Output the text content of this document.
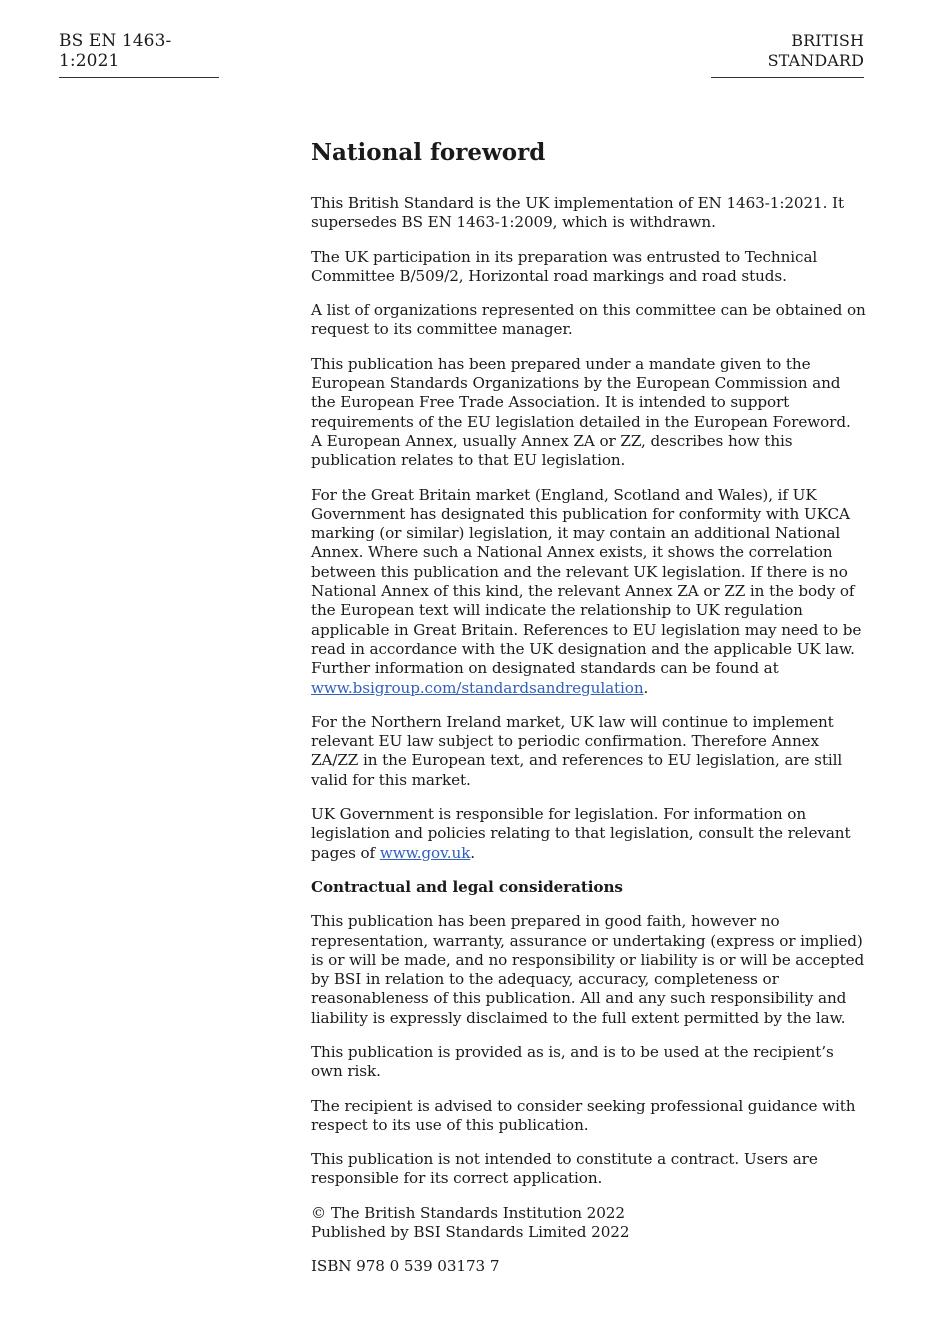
BS EN 1463-1:2021
BRITISH STANDARD
National foreword

This British Standard is the UK implementation of EN 1463-1:2021. It supersedes BS EN 1463-1:2009, which is withdrawn.

The UK participation in its preparation was entrusted to Technical Committee B/509/2, Horizontal road markings and road studs.

A list of organizations represented on this committee can be obtained on request to its committee manager.

This publication has been prepared under a mandate given to the European Standards Organizations by the European Commission and the European Free Trade Association. It is intended to support requirements of the EU legislation detailed in the European Foreword. A European Annex, usually Annex ZA or ZZ, describes how this publication relates to that EU legislation.

For the Great Britain market (England, Scotland and Wales), if UK Government has designated this publication for conformity with UKCA marking (or similar) legislation, it may contain an additional National Annex. Where such a National Annex exists, it shows the correlation between this publication and the relevant UK legislation. If there is no National Annex of this kind, the relevant Annex ZA or ZZ in the body of the European text will indicate the relationship to UK regulation applicable in Great Britain. References to EU legislation may need to be read in accordance with the UK designation and the applicable UK law. Further information on designated standards can be found at www.bsigroup.com/standardsandregulation.

For the Northern Ireland market, UK law will continue to implement relevant EU law subject to periodic confirmation. Therefore Annex ZA/ZZ in the European text, and references to EU legislation, are still valid for this market.

UK Government is responsible for legislation. For information on legislation and policies relating to that legislation, consult the relevant pages of www.gov.uk.

Contractual and legal considerations

This publication has been prepared in good faith, however no representation, warranty, assurance or undertaking (express or implied) is or will be made, and no responsibility or liability is or will be accepted by BSI in relation to the adequacy, accuracy, completeness or reasonableness of this publication. All and any such responsibility and liability is expressly disclaimed to the full extent permitted by the law.

This publication is provided as is, and is to be used at the recipient’s own risk.

The recipient is advised to consider seeking professional guidance with respect to its use of this publication.

This publication is not intended to constitute a contract. Users are responsible for its correct application.

© The British Standards Institution 2022
Published by BSI Standards Limited 2022

ISBN 978 0 539 03173 7
